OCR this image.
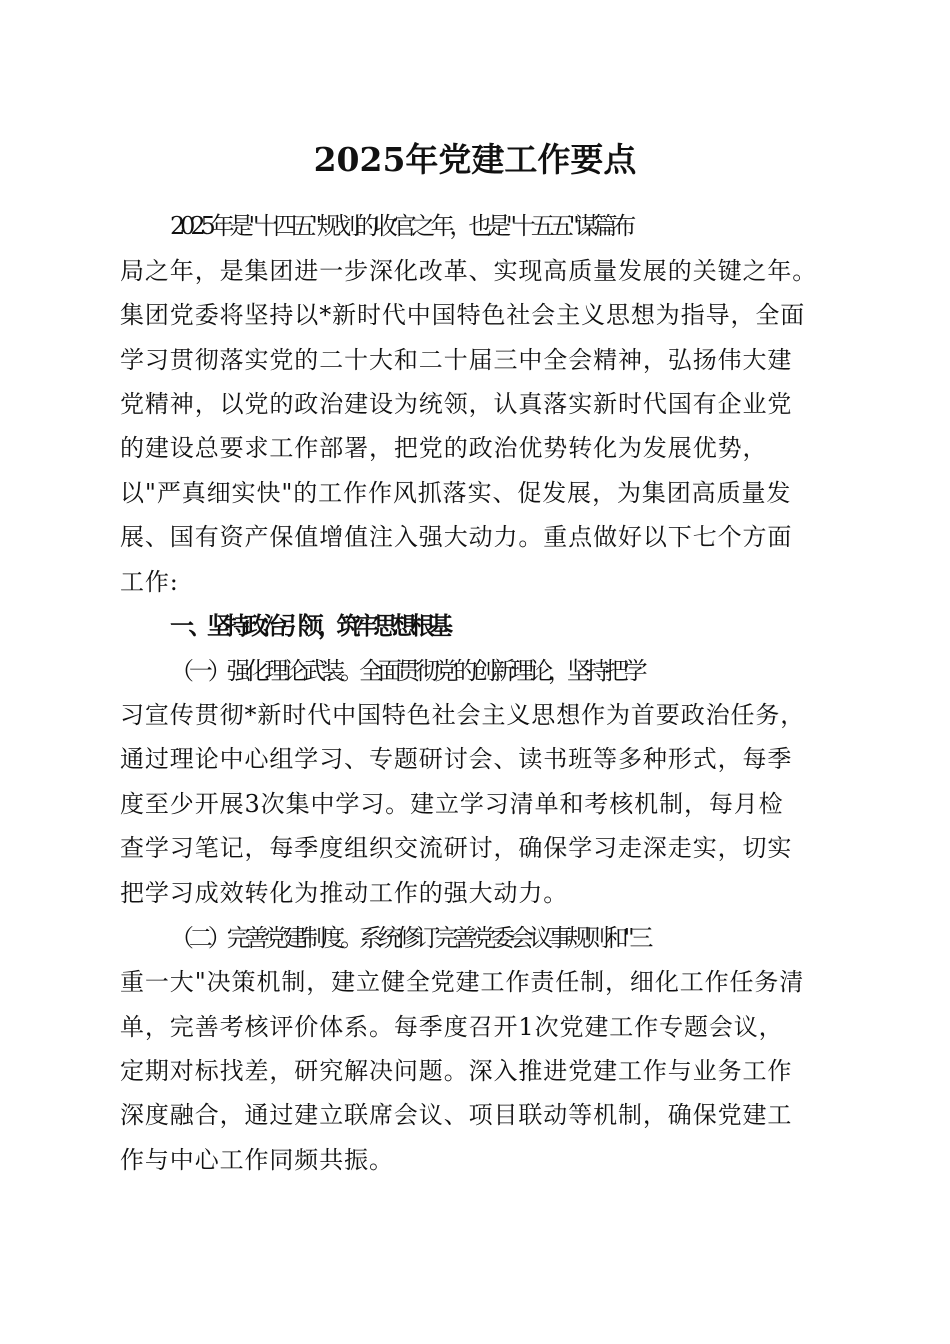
2025年党建工作要点
2025年是"十四五"规划的收官之年，也是"十五五"谋篇布
局之年，是集团进一步深化改革、实现高质量发展的关键之年。
集团党委将坚持以*新时代中国特色社会主义思想为指导，全面
学习贯彻落实党的二十大和二十届三中全会精神，弘扬伟大建
党精神，以党的政治建设为统领，认真落实新时代国有企业党
的建设总要求工作部署，把党的政治优势转化为发展优势，
以"严真细实快"的工作作风抓落实、促发展，为集团高质量发
展、国有资产保值增值注入强大动力。重点做好以下七个方面
工作:
一、坚持政治引领，筑牢思想根基
（一）强化理论武装。全面贯彻党的创新理论，坚持把学
习宣传贯彻*新时代中国特色社会主义思想作为首要政治任务，
通过理论中心组学习、专题研讨会、读书班等多种形式，每季
度至少开展3次集中学习。建立学习清单和考核机制，每月检
查学习笔记，每季度组织交流研讨，确保学习走深走实，切实
把学习成效转化为推动工作的强大动力。
（二）完善党建制度。系统修订完善党委会议事规则和"三
重一大"决策机制，建立健全党建工作责任制，细化工作任务清
单，完善考核评价体系。每季度召开1次党建工作专题会议，
定期对标找差，研究解决问题。深入推进党建工作与业务工作
深度融合，通过建立联席会议、项目联动等机制，确保党建工
作与中心工作同频共振。
